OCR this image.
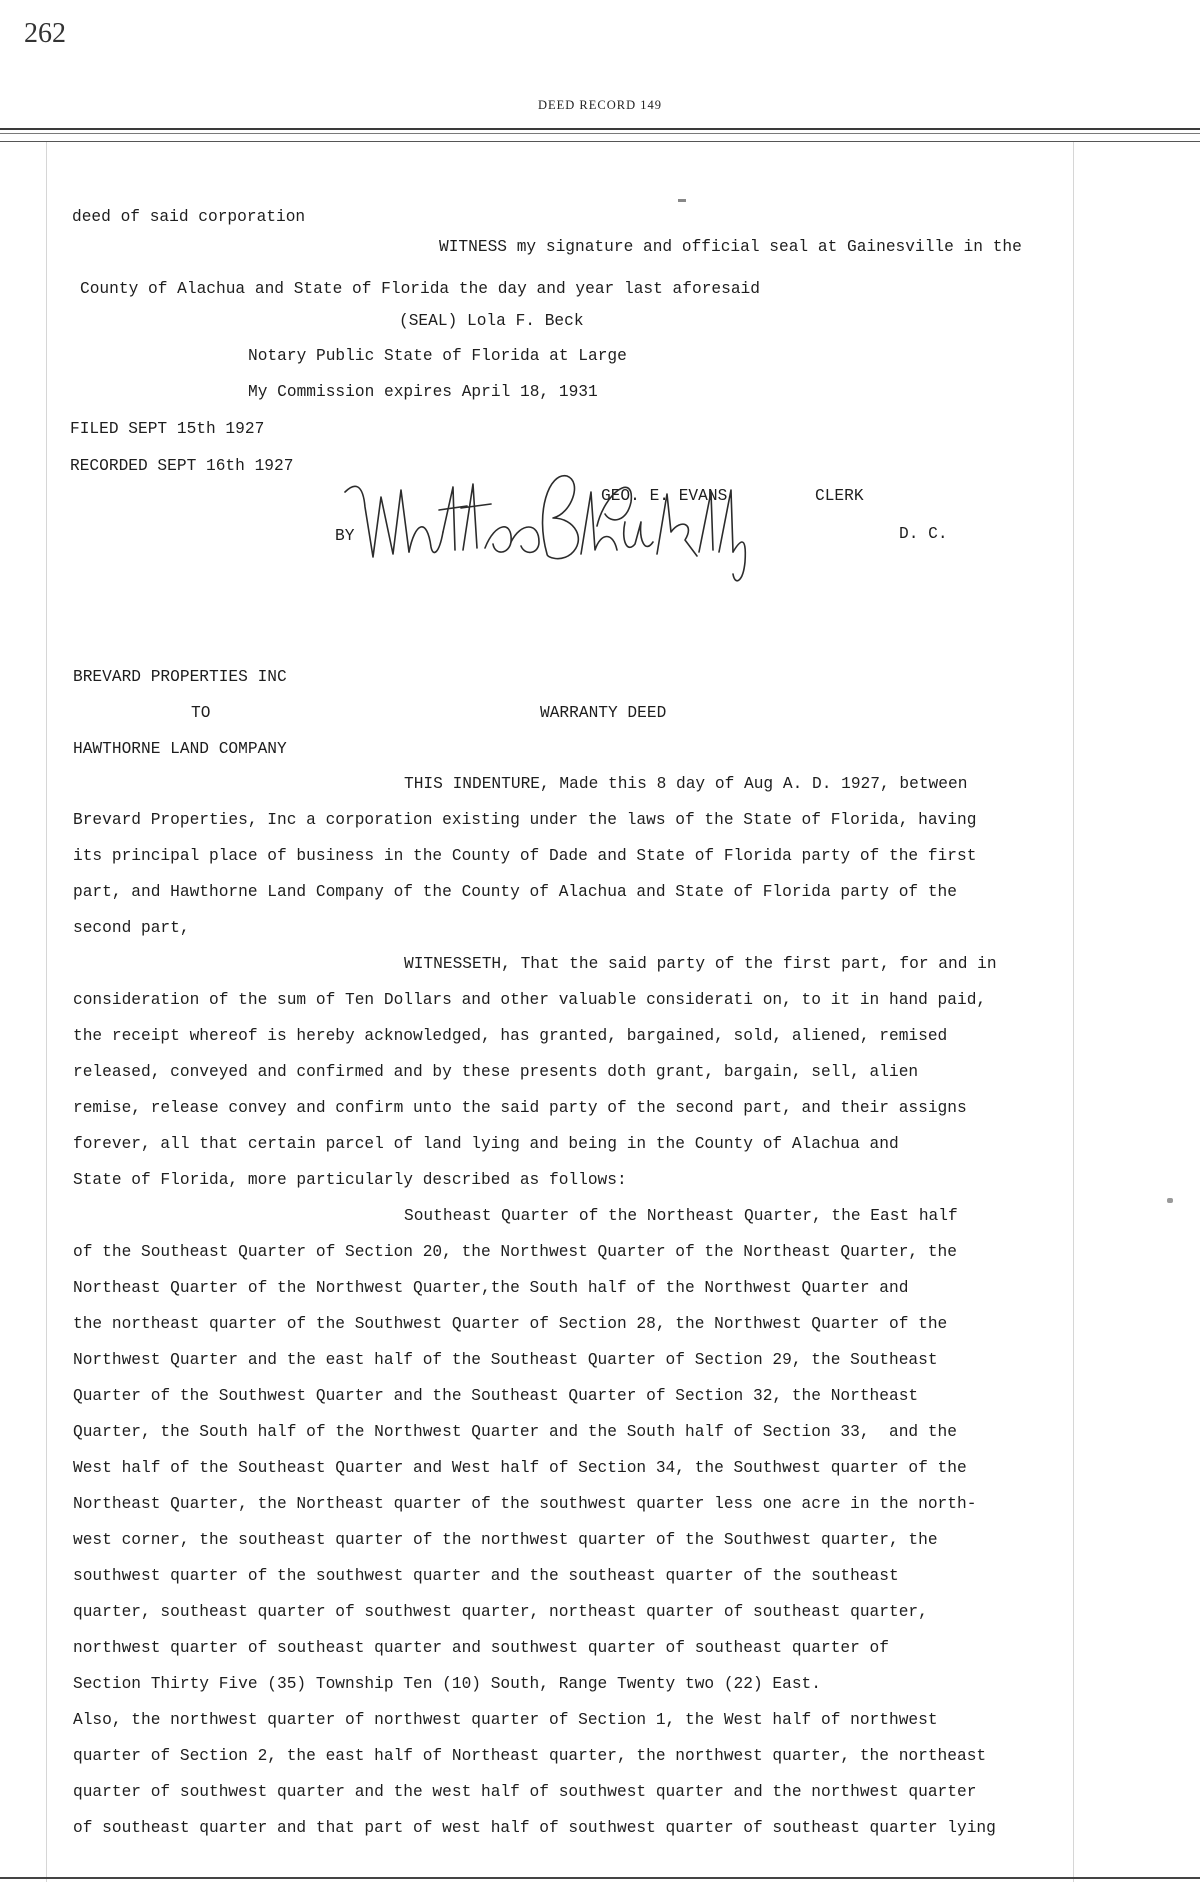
262
DEED RECORD 149
deed of said corporation
WITNESS my signature and official seal at Gainesville in the
County of Alachua and State of Florida the day and year last aforesaid
(SEAL) Lola F. Beck
Notary Public State of Florida at Large
My Commission expires April 18, 1931
FILED SEPT 15th 1927
RECORDED SEPT 16th 1927
GEO. E. EVANS	CLERK
BY	D. C.
BREVARD PROPERTIES INC
TO	WARRANTY DEED
HAWTHORNE LAND COMPANY
THIS INDENTURE, Made this 8 day of Aug A. D. 1927, between
Brevard Properties, Inc a corporation existing under the laws of the State of Florida, having
its principal place of business in the County of Dade and State of Florida party of the first
part, and Hawthorne Land Company of the County of Alachua and State of Florida party of the
second part,
WITNESSETH, That the said party of the first part, for and in
consideration of the sum of Ten Dollars and other valuable considerati on, to it in hand paid,
the receipt whereof is hereby acknowledged, has granted, bargained, sold, aliened, remised
released, conveyed and confirmed and by these presents doth grant, bargain, sell, alien
remise, release convey and confirm unto the said party of the second part, and their assigns
forever, all that certain parcel of land lying and being in the County of Alachua and
State of Florida, more particularly described as follows:
Southeast Quarter of the Northeast Quarter, the East half
of the Southeast Quarter of Section 20, the Northwest Quarter of the Northeast Quarter, the
Northeast Quarter of the Northwest Quarter,the South half of the Northwest Quarter and
the northeast quarter of the Southwest Quarter of Section 28, the Northwest Quarter of the
Northwest Quarter and the east half of the Southeast Quarter of Section 29, the Southeast
Quarter of the Southwest Quarter and the Southeast Quarter of Section 32, the Northeast
Quarter, the South half of the Northwest Quarter and the South half of Section 33,  and the
West half of the Southeast Quarter and West half of Section 34, the Southwest quarter of the
Northeast Quarter, the Northeast quarter of the southwest quarter less one acre in the north-
west corner, the southeast quarter of the northwest quarter of the Southwest quarter, the
southwest quarter of the southwest quarter and the southeast quarter of the southeast
quarter, southeast quarter of southwest quarter, northeast quarter of southeast quarter,
northwest quarter of southeast quarter and southwest quarter of southeast quarter of
Section Thirty Five (35) Township Ten (10) South, Range Twenty two (22) East.
Also, the northwest quarter of northwest quarter of Section 1, the West half of northwest
quarter of Section 2, the east half of Northeast quarter, the northwest quarter, the northeast
quarter of southwest quarter and the west half of southwest quarter and the northwest quarter
of southeast quarter and that part of west half of southwest quarter of southeast quarter lying
